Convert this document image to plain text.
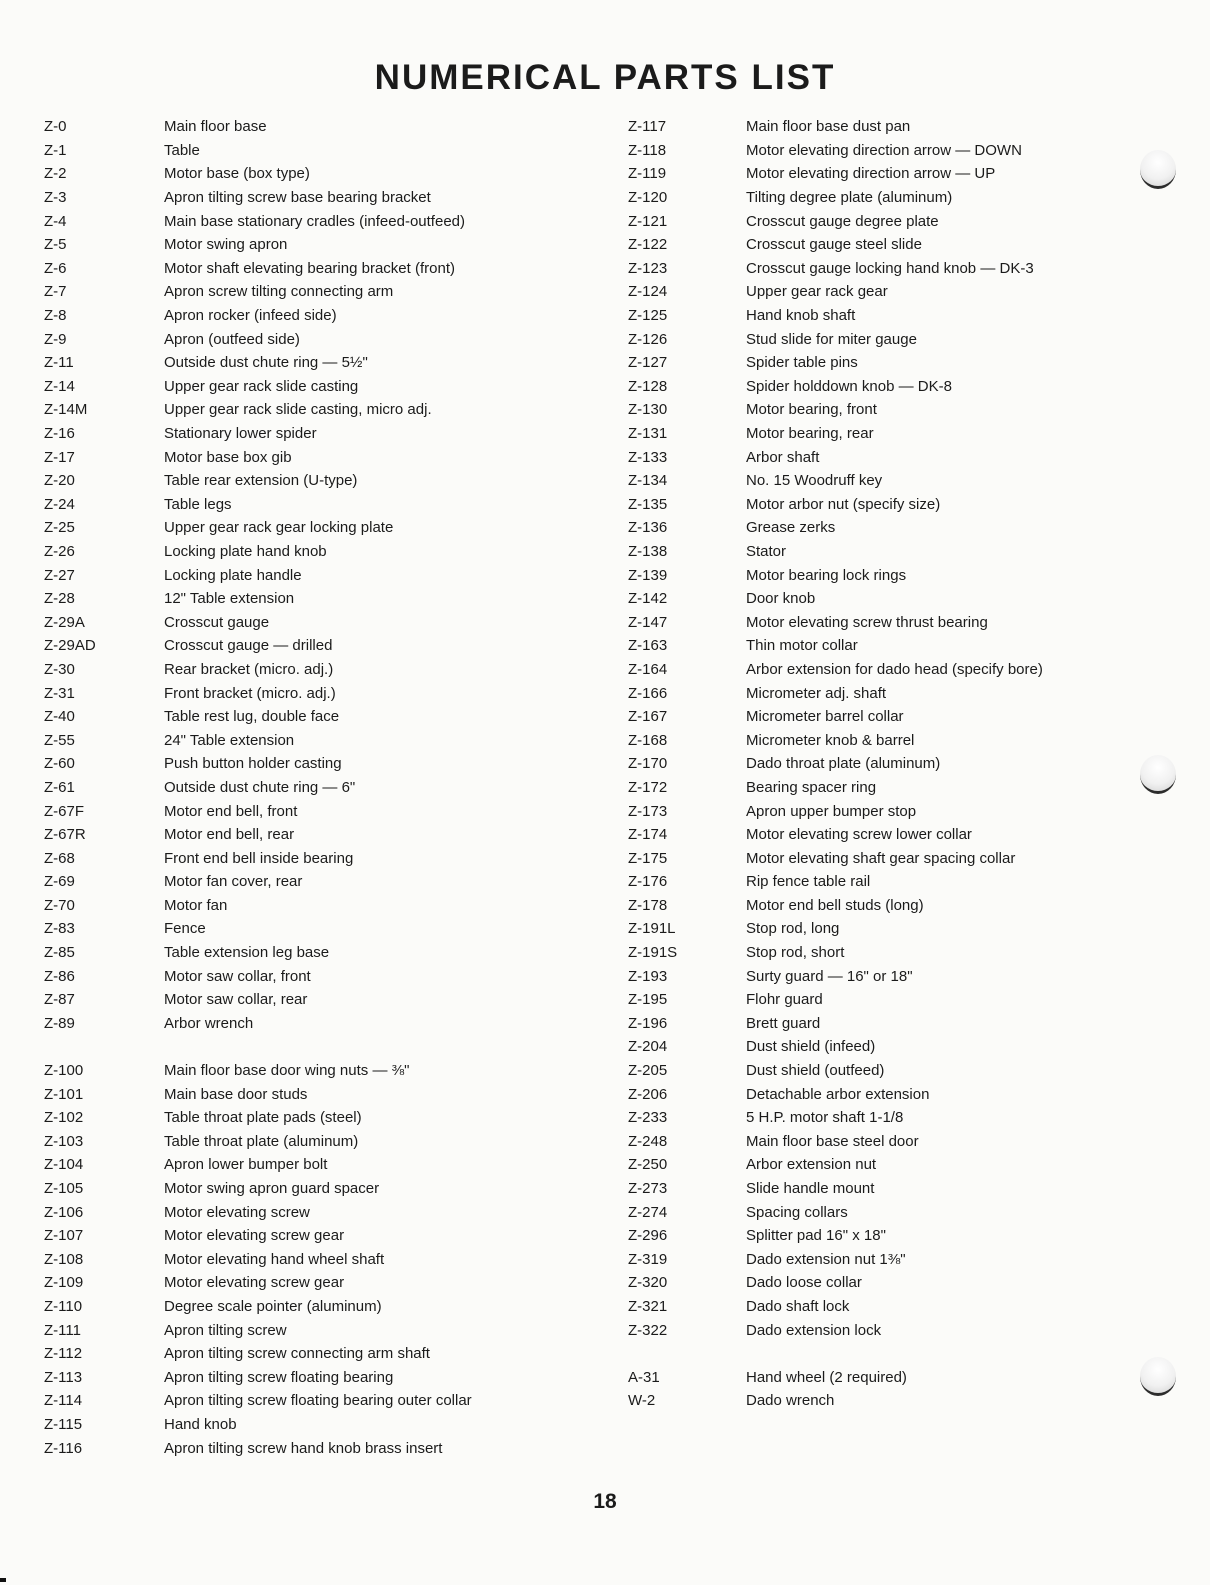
NUMERICAL PARTS LIST
Z-0	Main floor base
Z-1	Table
Z-2	Motor base (box type)
Z-3	Apron tilting screw base bearing bracket
Z-4	Main base stationary cradles (infeed-outfeed)
Z-5	Motor swing apron
Z-6	Motor shaft elevating bearing bracket (front)
Z-7	Apron screw tilting connecting arm
Z-8	Apron rocker (infeed side)
Z-9	Apron (outfeed side)
Z-11	Outside dust chute ring — 5½"
Z-14	Upper gear rack slide casting
Z-14M	Upper gear rack slide casting, micro adj.
Z-16	Stationary lower spider
Z-17	Motor base box gib
Z-20	Table rear extension (U-type)
Z-24	Table legs
Z-25	Upper gear rack gear locking plate
Z-26	Locking plate hand knob
Z-27	Locking plate handle
Z-28	12" Table extension
Z-29A	Crosscut gauge
Z-29AD	Crosscut gauge — drilled
Z-30	Rear bracket (micro. adj.)
Z-31	Front bracket (micro. adj.)
Z-40	Table rest lug, double face
Z-55	24" Table extension
Z-60	Push button holder casting
Z-61	Outside dust chute ring — 6"
Z-67F	Motor end bell, front
Z-67R	Motor end bell, rear
Z-68	Front end bell inside bearing
Z-69	Motor fan cover, rear
Z-70	Motor fan
Z-83	Fence
Z-85	Table extension leg base
Z-86	Motor saw collar, front
Z-87	Motor saw collar, rear
Z-89	Arbor wrench
Z-100	Main floor base door wing nuts — ⅜"
Z-101	Main base door studs
Z-102	Table throat plate pads (steel)
Z-103	Table throat plate (aluminum)
Z-104	Apron lower bumper bolt
Z-105	Motor swing apron guard spacer
Z-106	Motor elevating screw
Z-107	Motor elevating screw gear
Z-108	Motor elevating hand wheel shaft
Z-109	Motor elevating screw gear
Z-110	Degree scale pointer (aluminum)
Z-111	Apron tilting screw
Z-112	Apron tilting screw connecting arm shaft
Z-113	Apron tilting screw floating bearing
Z-114	Apron tilting screw floating bearing outer collar
Z-115	Hand knob
Z-116	Apron tilting screw hand knob brass insert
Z-117	Main floor base dust pan
Z-118	Motor elevating direction arrow — DOWN
Z-119	Motor elevating direction arrow — UP
Z-120	Tilting degree plate (aluminum)
Z-121	Crosscut gauge degree plate
Z-122	Crosscut gauge steel slide
Z-123	Crosscut gauge locking hand knob — DK-3
Z-124	Upper gear rack gear
Z-125	Hand knob shaft
Z-126	Stud slide for miter gauge
Z-127	Spider table pins
Z-128	Spider holddown knob — DK-8
Z-130	Motor bearing, front
Z-131	Motor bearing, rear
Z-133	Arbor shaft
Z-134	No. 15 Woodruff key
Z-135	Motor arbor nut (specify size)
Z-136	Grease zerks
Z-138	Stator
Z-139	Motor bearing lock rings
Z-142	Door knob
Z-147	Motor elevating screw thrust bearing
Z-163	Thin motor collar
Z-164	Arbor extension for dado head (specify bore)
Z-166	Micrometer adj. shaft
Z-167	Micrometer barrel collar
Z-168	Micrometer knob & barrel
Z-170	Dado throat plate (aluminum)
Z-172	Bearing spacer ring
Z-173	Apron upper bumper stop
Z-174	Motor elevating screw lower collar
Z-175	Motor elevating shaft gear spacing collar
Z-176	Rip fence table rail
Z-178	Motor end bell studs (long)
Z-191L	Stop rod, long
Z-191S	Stop rod, short
Z-193	Surty guard — 16" or 18"
Z-195	Flohr guard
Z-196	Brett guard
Z-204	Dust shield (infeed)
Z-205	Dust shield (outfeed)
Z-206	Detachable arbor extension
Z-233	5 H.P. motor shaft 1-1/8
Z-248	Main floor base steel door
Z-250	Arbor extension nut
Z-273	Slide handle mount
Z-274	Spacing collars
Z-296	Splitter pad 16" x 18"
Z-319	Dado extension nut 1⅜"
Z-320	Dado loose collar
Z-321	Dado shaft lock
Z-322	Dado extension lock
A-31	Hand wheel (2 required)
W-2	Dado wrench
18
